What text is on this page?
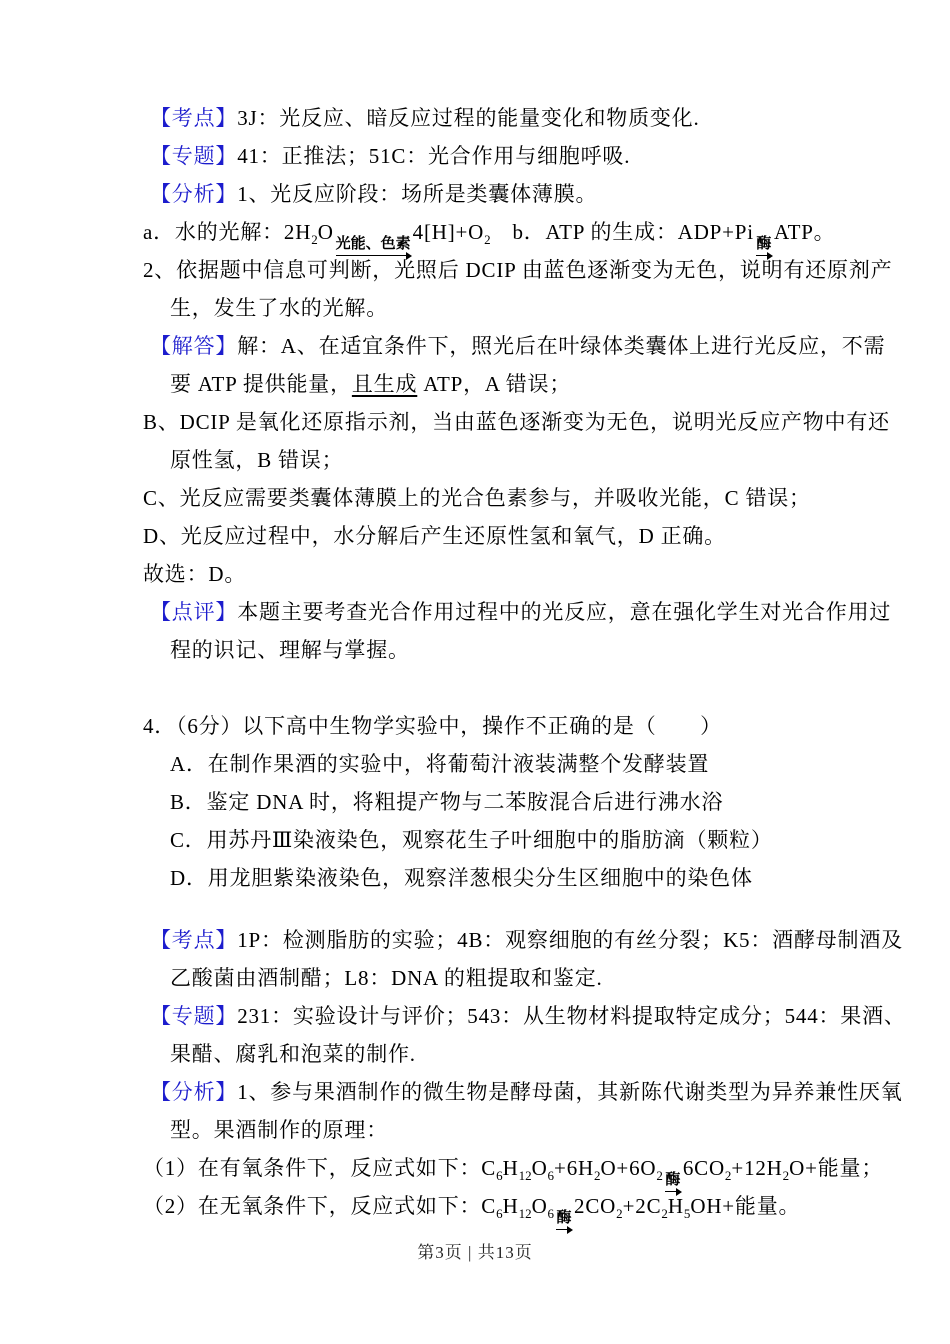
【考点】3J：光反应、暗反应过程的能量变化和物质变化.
【专题】41：正推法；51C：光合作用与细胞呼吸.
【分析】1、光反应阶段：场所是类囊体薄膜。
a．水的光解：$2H_2O$ 光能、色素 $4[H]+O_2$　b．ATP 的生成：ADP+Pi 酶 ATP。
2、依据题中信息可判断，光照后 DCIP 由蓝色逐渐变为无色，说明有还原剂产
生，发生了水的光解。
【解答】解：A、在适宜条件下，照光后在叶绿体类囊体上进行光反应，不需
要 ATP 提供能量，且生成 ATP，A 错误；
B、DCIP 是氧化还原指示剂，当由蓝色逐渐变为无色，说明光反应产物中有还
原性氢，B 错误；
C、光反应需要类囊体薄膜上的光合色素参与，并吸收光能，C 错误；
D、光反应过程中，水分解后产生还原性氢和氧气，D 正确。
故选：D。
【点评】本题主要考查光合作用过程中的光反应，意在强化学生对光合作用过
程的识记、理解与掌握。
4．（6分）以下高中生物学实验中，操作不正确的是（　　）
A．在制作果酒的实验中，将葡萄汁液装满整个发酵装置
B．鉴定 DNA 时，将粗提产物与二苯胺混合后进行沸水浴
C．用苏丹Ⅲ染液染色，观察花生子叶细胞中的脂肪滴（颗粒）
D．用龙胆紫染液染色，观察洋葱根尖分生区细胞中的染色体
【考点】1P：检测脂肪的实验；4B：观察细胞的有丝分裂；K5：酒酵母制酒及
乙酸菌由酒制醋；L8：DNA 的粗提取和鉴定.
【专题】231：实验设计与评价；543：从生物材料提取特定成分；544：果酒、
果醋、腐乳和泡菜的制作.
【分析】1、参与果酒制作的微生物是酵母菌，其新陈代谢类型为异养兼性厌氧
型。果酒制作的原理：
（1）在有氧条件下，反应式如下：$C_6H_{12}O_6+6H_2O+6O_2$ 酶 $6CO_2+12H_2O+$能量；
（2）在无氧条件下，反应式如下：$C_6H_{12}O_6$ 酶 $2CO_2+2C_2H_5OH+$能量。
第3页 | 共13页
